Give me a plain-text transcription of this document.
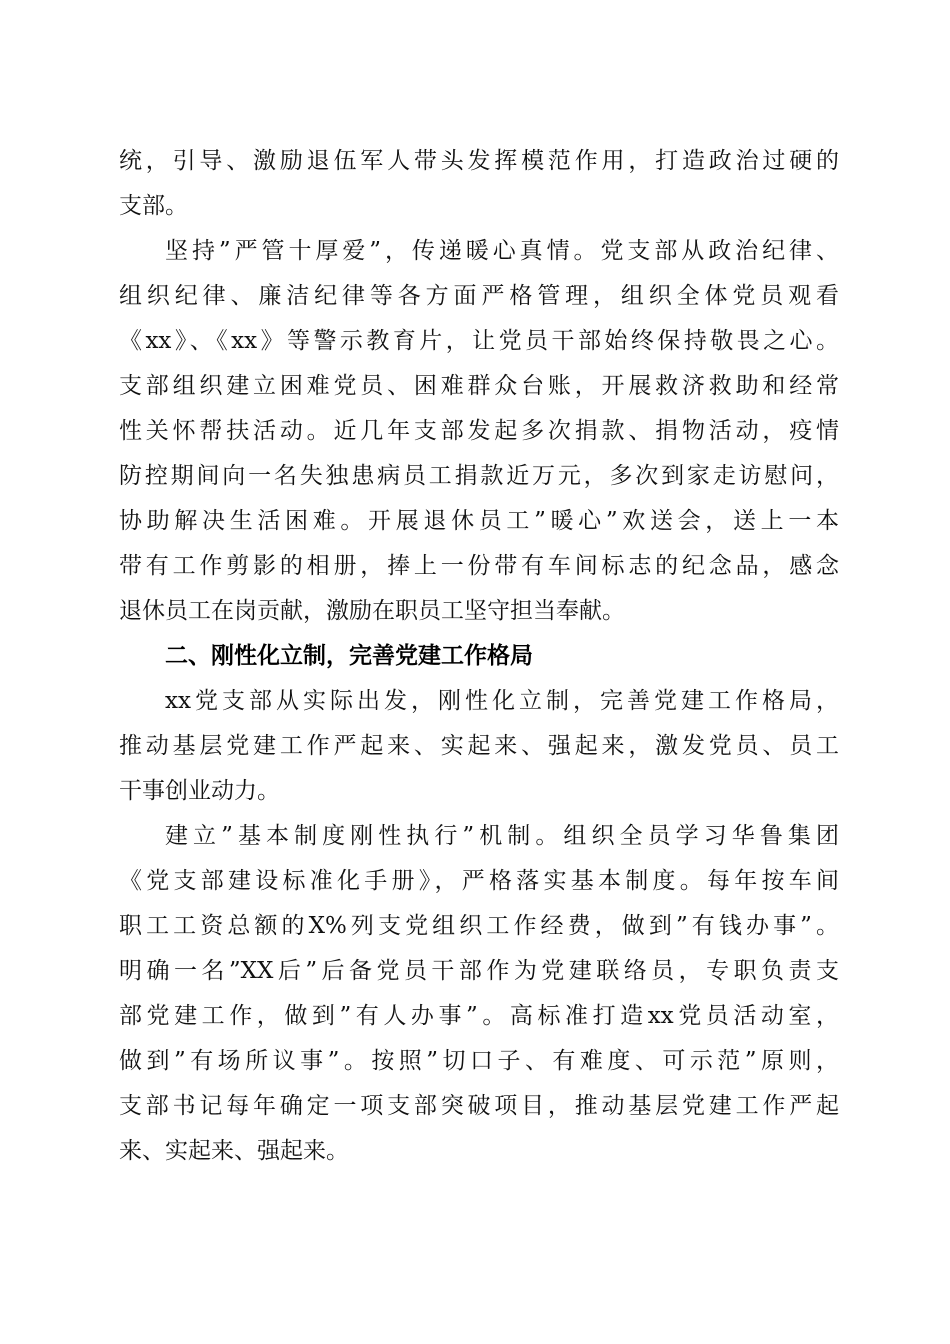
统，引导、激励退伍军人带头发挥模范作用，打造政治过硬的
支部。
坚持”严管十厚爱”，传递暖心真情。党支部从政治纪律、
组织纪律、廉洁纪律等各方面严格管理，组织全体党员观看
《xx》、《xx》等警示教育片，让党员干部始终保持敬畏之心。
支部组织建立困难党员、困难群众台账，开展救济救助和经常
性关怀帮扶活动。近几年支部发起多次捐款、捐物活动，疫情
防控期间向一名失独患病员工捐款近万元，多次到家走访慰问，
协助解决生活困难。开展退休员工”暖心”欢送会，送上一本
带有工作剪影的相册，捧上一份带有车间标志的纪念品，感念
退休员工在岗贡献，激励在职员工坚守担当奉献。
二、刚性化立制，完善党建工作格局
xx党支部从实际出发，刚性化立制，完善党建工作格局，
推动基层党建工作严起来、实起来、强起来，激发党员、员工
干事创业动力。
建立”基本制度刚性执行”机制。组织全员学习华鲁集团
《党支部建设标准化手册》，严格落实基本制度。每年按车间
职工工资总额的X%列支党组织工作经费，做到”有钱办事”。
明确一名”XX后”后备党员干部作为党建联络员，专职负责支
部党建工作，做到”有人办事”。高标准打造xx党员活动室，
做到”有场所议事”。按照”切口子、有难度、可示范”原则，
支部书记每年确定一项支部突破项目，推动基层党建工作严起
来、实起来、强起来。
